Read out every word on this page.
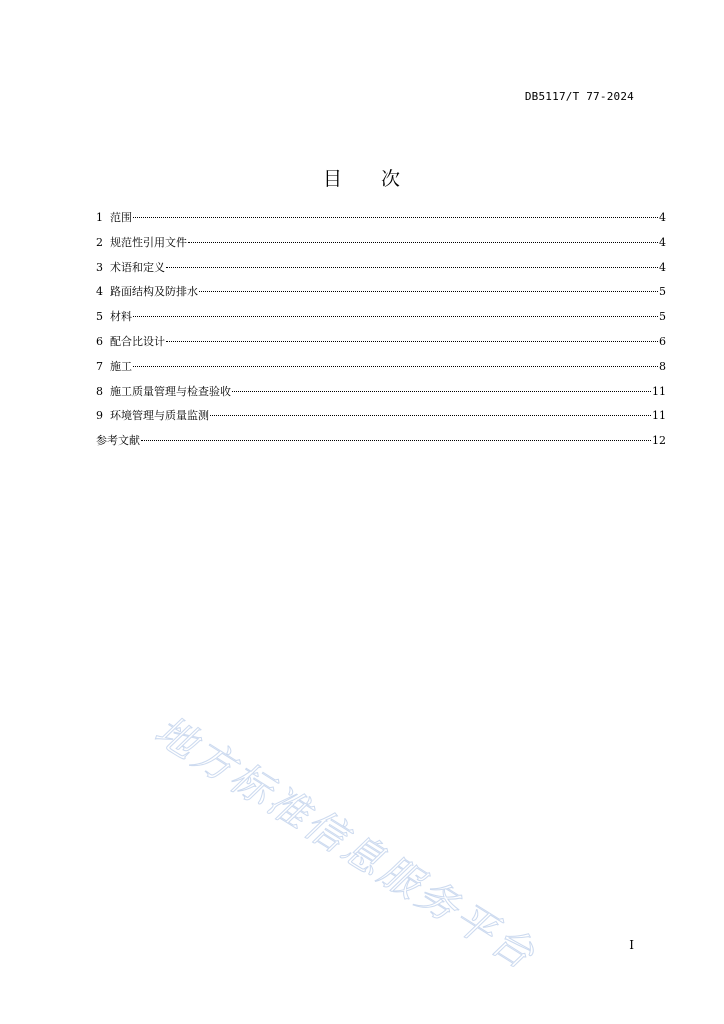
DB5117/T 77-2024
目 次
1 范围	4
2 规范性引用文件	4
3 术语和定义	4
4 路面结构及防排水	5
5 材料	5
6 配合比设计	6
7 施工	8
8 施工质量管理与检查验收	11
9 环境管理与质量监测	11
参考文献	12
地方标准信息服务平台	I
